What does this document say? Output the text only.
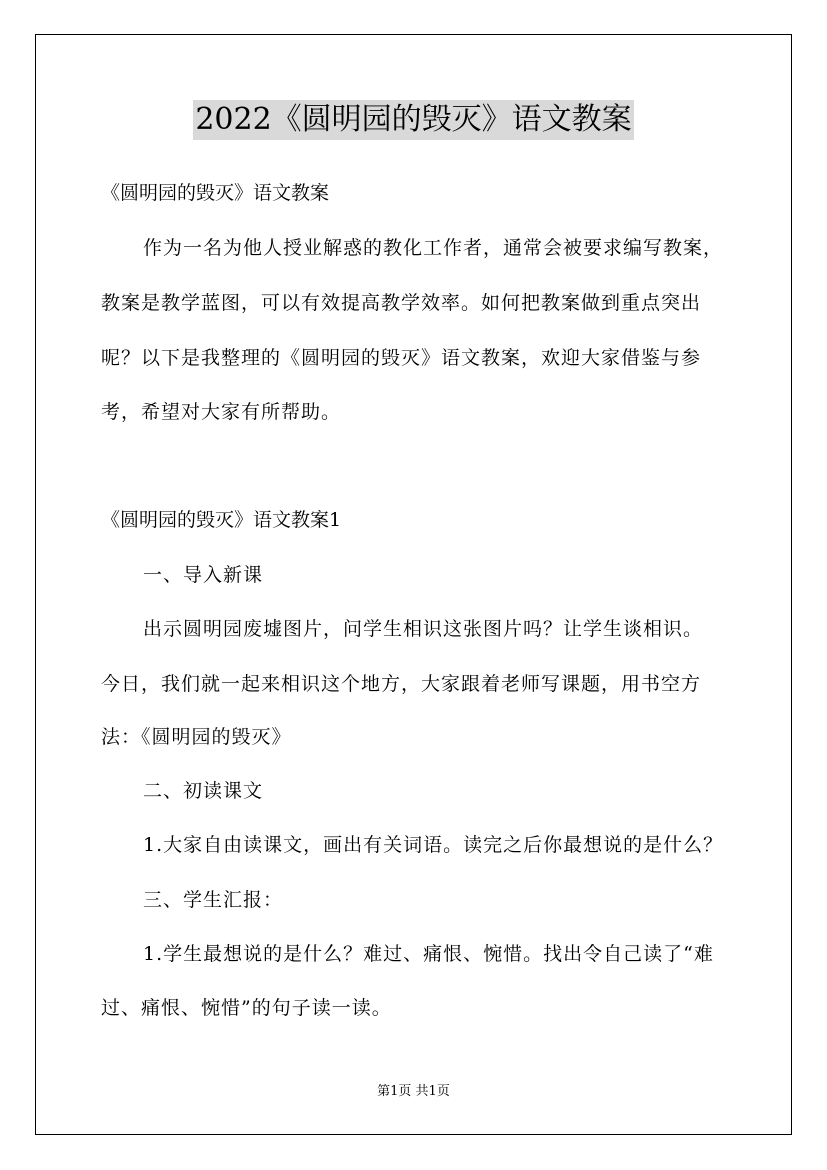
2022《圆明园的毁灭》语文教案

《圆明园的毁灭》语文教案

作为一名为他人授业解惑的教化工作者，通常会被要求编写教案，

教案是教学蓝图，可以有效提高教学效率。如何把教案做到重点突出

呢？以下是我整理的《圆明园的毁灭》语文教案，欢迎大家借鉴与参

考，希望对大家有所帮助。

《圆明园的毁灭》语文教案1

一、导入新课

出示圆明园废墟图片，问学生相识这张图片吗？让学生谈相识。

今日，我们就一起来相识这个地方，大家跟着老师写课题，用书空方

法：《圆明园的毁灭》

二、初读课文

1.大家自由读课文，画出有关词语。读完之后你最想说的是什么？

三、学生汇报：

1.学生最想说的是什么？难过、痛恨、惋惜。找出令自己读了“难

过、痛恨、惋惜”的句子读一读。

第1页 共1页
